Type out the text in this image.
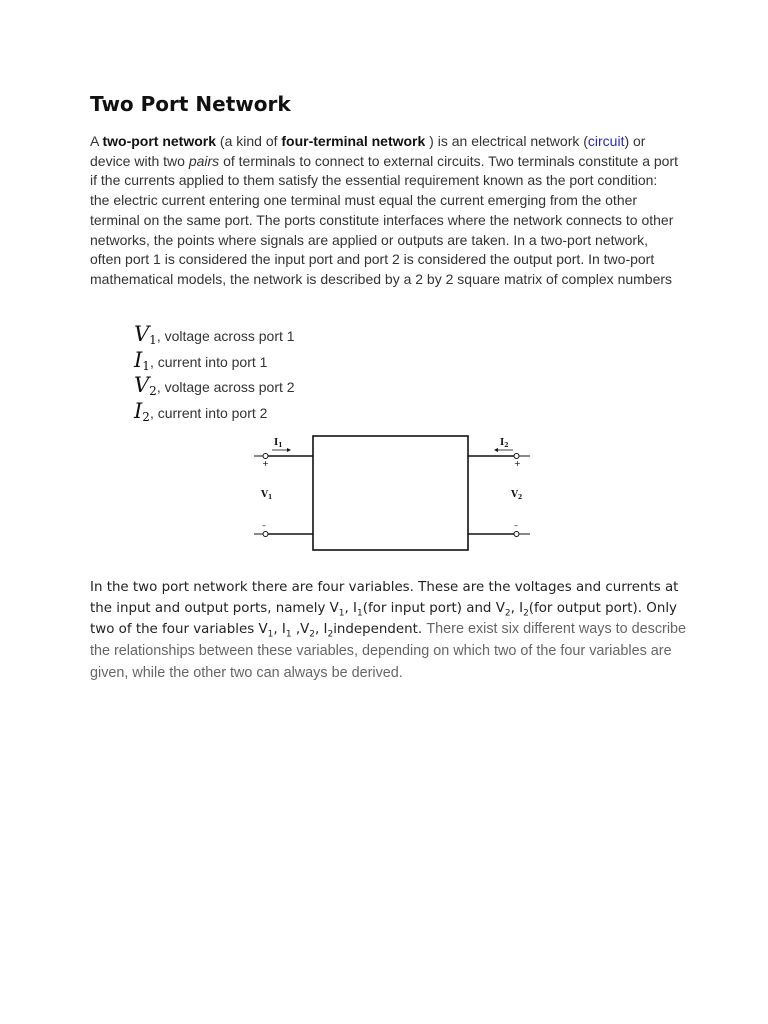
Two Port Network

A two-port network (a kind of four-terminal network ) is an electrical network (circuit) or device with two pairs of terminals to connect to external circuits. Two terminals constitute a port if the currents applied to them satisfy the essential requirement known as the port condition: the electric current entering one terminal must equal the current emerging from the other terminal on the same port. The ports constitute interfaces where the network connects to other networks, the points where signals are applied or outputs are taken. In a two-port network, often port 1 is considered the input port and port 2 is considered the output port. In two-port mathematical models, the network is described by a 2 by 2 square matrix of complex numbers

V 1 , voltage across port 1
I 1 , current into port 1
V 2 , voltage across port 2
I 2 , current into port 2
$I_1$	$I_2$
+	+
–	–
$V_1$	$V_2$

In the two port network there are four variables. These are the voltages and currents at the input and output ports, namely $V_1$, $I_1(for$ input port) and $V_2$, $I_2(for$ output port). Only two of the four variables $V_1$, $I_1$ $,V_2$, $I_2independent$. There exist six different ways to describe the relationships between these variables, depending on which two of the four variables are given, while the other two can always be derived.
